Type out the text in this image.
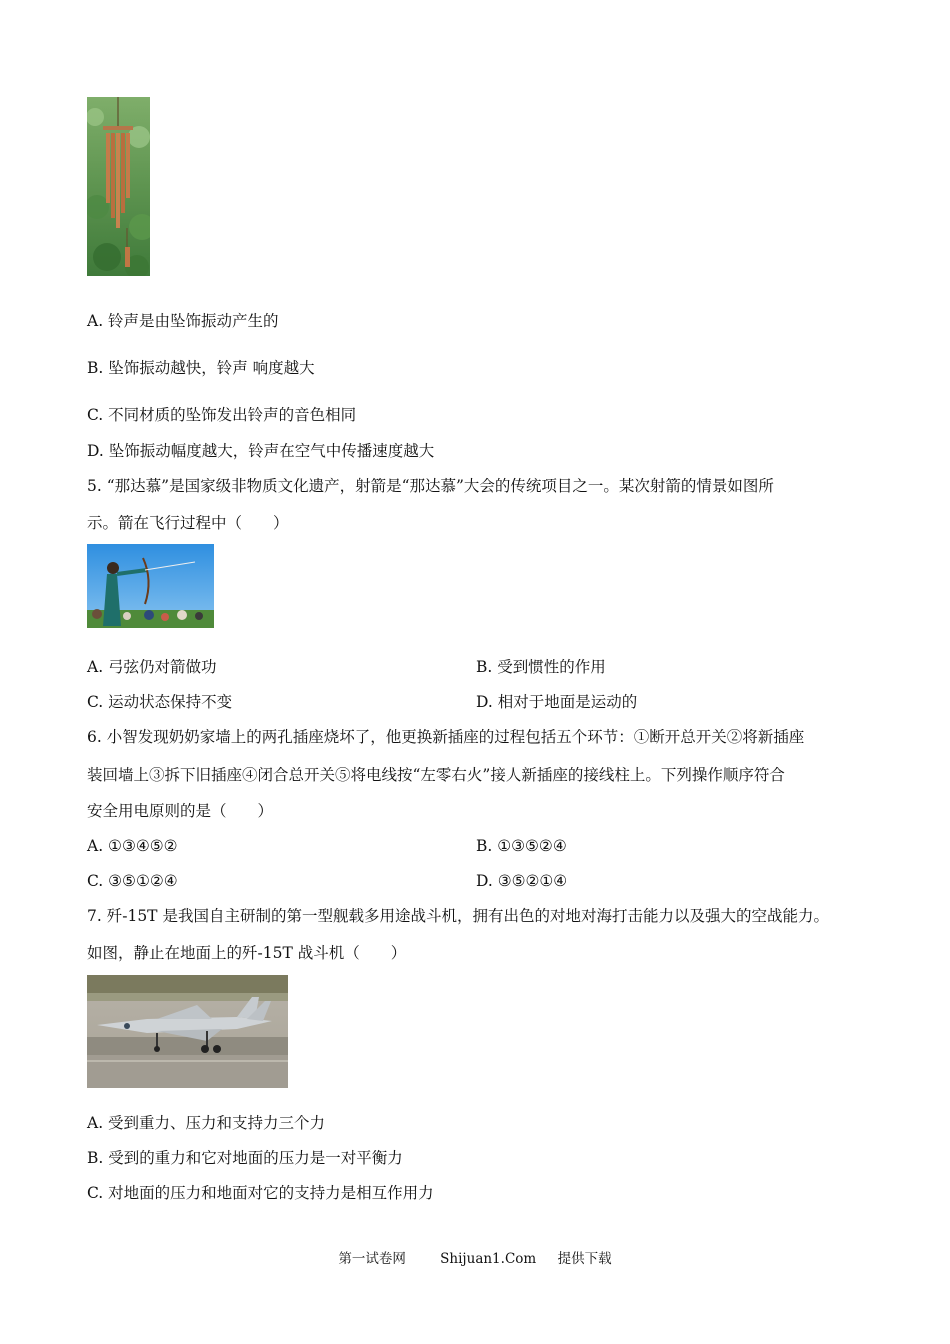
A. 铃声是由坠饰振动产生的
B. 坠饰振动越快，铃声 响度越大
C. 不同材质的坠饰发出铃声的音色相同
D. 坠饰振动幅度越大，铃声在空气中传播速度越大
5. “那达慕”是国家级非物质文化遗产，射箭是“那达慕”大会的传统项目之一。某次射箭的情景如图所
示。箭在飞行过程中（　　）
A. 弓弦仍对箭做功	B. 受到惯性的作用
C. 运动状态保持不变	D. 相对于地面是运动的
6. 小智发现奶奶家墙上的两孔插座烧坏了，他更换新插座的过程包括五个环节：①断开总开关②将新插座
装回墙上③拆下旧插座④闭合总开关⑤将电线按“左零右火”接人新插座的接线柱上。下列操作顺序符合
安全用电原则的是（　　）
A. ①③④⑤②	B. ①③⑤②④
C. ③⑤①②④	D. ③⑤②①④
7. 歼-15T 是我国自主研制的第一型舰载多用途战斗机，拥有出色的对地对海打击能力以及强大的空战能力。
如图，静止在地面上的歼-15T 战斗机（　　）
A. 受到重力、压力和支持力三个力
B. 受到的重力和它对地面的压力是一对平衡力
C. 对地面的压力和地面对它的支持力是相互作用力
第一试卷网        Shijuan1.Com     提供下载
